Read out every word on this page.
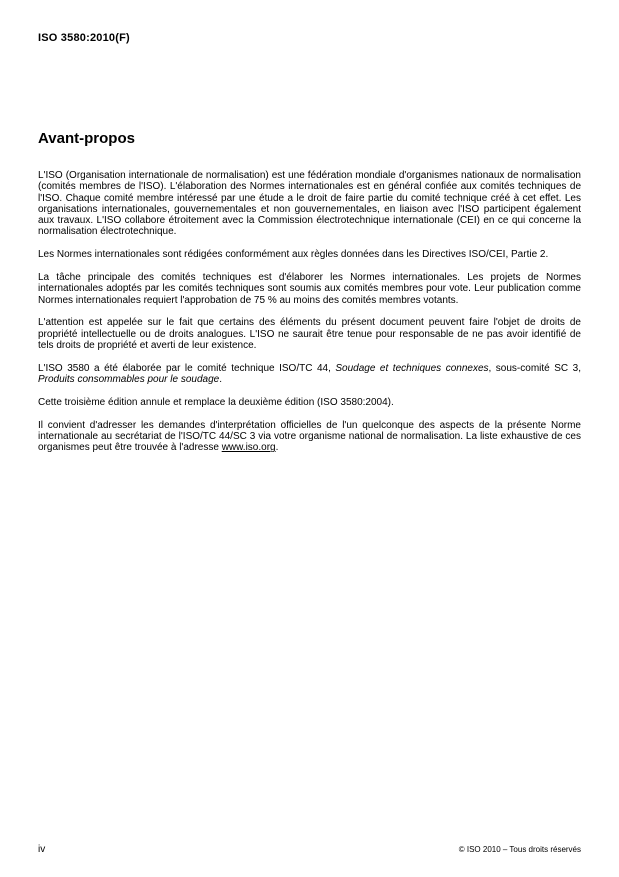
ISO 3580:2010(F)
Avant-propos

L'ISO (Organisation internationale de normalisation) est une fédération mondiale d'organismes nationaux de normalisation (comités membres de l'ISO). L'élaboration des Normes internationales est en général confiée aux comités techniques de l'ISO. Chaque comité membre intéressé par une étude a le droit de faire partie du comité technique créé à cet effet. Les organisations internationales, gouvernementales et non gouvernementales, en liaison avec l'ISO participent également aux travaux. L'ISO collabore étroitement avec la Commission électrotechnique internationale (CEI) en ce qui concerne la normalisation électrotechnique.

Les Normes internationales sont rédigées conformément aux règles données dans les Directives ISO/CEI, Partie 2.

La tâche principale des comités techniques est d'élaborer les Normes internationales. Les projets de Normes internationales adoptés par les comités techniques sont soumis aux comités membres pour vote. Leur publication comme Normes internationales requiert l'approbation de 75 % au moins des comités membres votants.

L'attention est appelée sur le fait que certains des éléments du présent document peuvent faire l'objet de droits de propriété intellectuelle ou de droits analogues. L'ISO ne saurait être tenue pour responsable de ne pas avoir identifié de tels droits de propriété et averti de leur existence.

L'ISO 3580 a été élaborée par le comité technique ISO/TC 44, Soudage et techniques connexes, sous-comité SC 3, Produits consommables pour le soudage.

Cette troisième édition annule et remplace la deuxième édition (ISO 3580:2004).

Il convient d'adresser les demandes d'interprétation officielles de l'un quelconque des aspects de la présente Norme internationale au secrétariat de l'ISO/TC 44/SC 3 via votre organisme national de normalisation. La liste exhaustive de ces organismes peut être trouvée à l'adresse www.iso.org.

iv	© ISO 2010 – Tous droits réservés
